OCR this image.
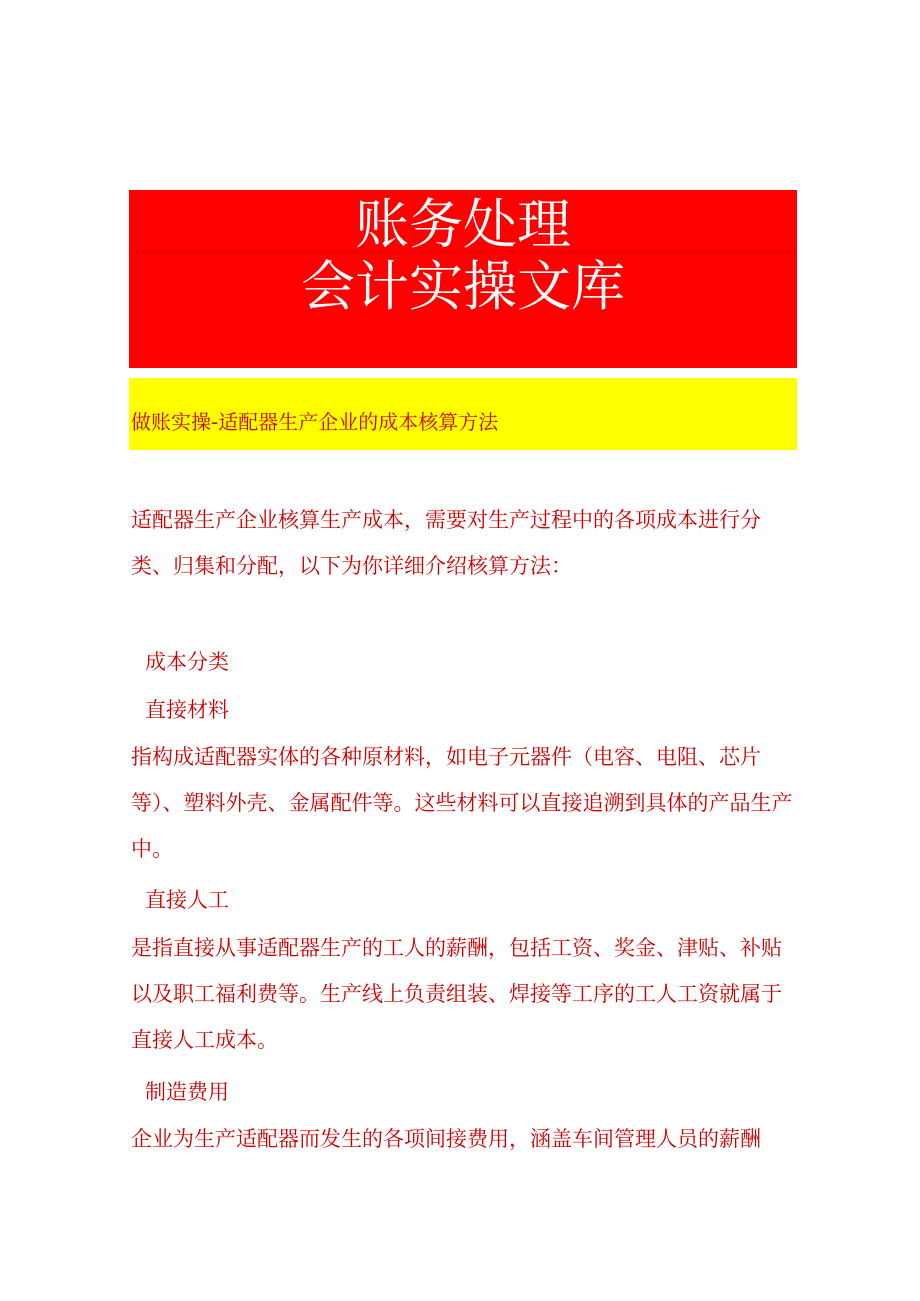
账务处理
会计实操文库
做账实操-适配器生产企业的成本核算方法

适配器生产企业核算生产成本，需要对生产过程中的各项成本进行分类、归集和分配，以下为你详细介绍核算方法：

成本分类

直接材料

指构成适配器实体的各种原材料，如电子元器件（电容、电阻、芯片等）、塑料外壳、金属配件等。这些材料可以直接追溯到具体的产品生产中。

直接人工

是指直接从事适配器生产的工人的薪酬，包括工资、奖金、津贴、补贴以及职工福利费等。生产线上负责组装、焊接等工序的工人工资就属于直接人工成本。

制造费用

企业为生产适配器而发生的各项间接费用，涵盖车间管理人员的薪酬
